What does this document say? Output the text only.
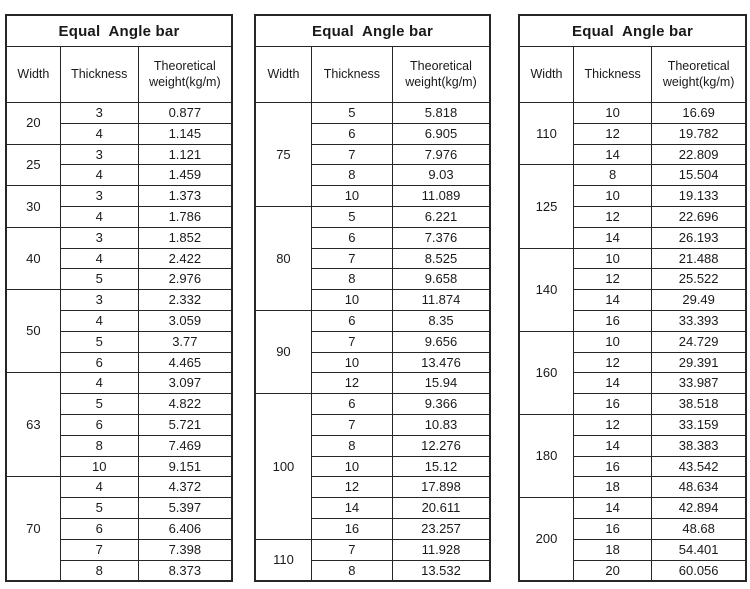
Equal  Angle bar		
Width	Thickness	Theoretical weight(kg/m)
20	3	0.877
	4	1.145
25	3	1.121
	4	1.459
30	3	1.373
	4	1.786
40	3	1.852
	4	2.422
	5	2.976
50	3	2.332
	4	3.059
	5	3.77
	6	4.465
63	4	3.097
	5	4.822
	6	5.721
	8	7.469
	10	9.151
70	4	4.372
	5	5.397
	6	6.406
	7	7.398
	8	8.373
Equal  Angle bar		
Width	Thickness	Theoretical weight(kg/m)
75	5	5.818
	6	6.905
	7	7.976
	8	9.03
	10	11.089
80	5	6.221
	6	7.376
	7	8.525
	8	9.658
	10	11.874
90	6	8.35
	7	9.656
	10	13.476
	12	15.94
100	6	9.366
	7	10.83
	8	12.276
	10	15.12
	12	17.898
	14	20.611
	16	23.257
110	7	11.928
	8	13.532
Equal  Angle bar		
Width	Thickness	Theoretical weight(kg/m)
110	10	16.69
	12	19.782
	14	22.809
125	8	15.504
	10	19.133
	12	22.696
	14	26.193
140	10	21.488
	12	25.522
	14	29.49
	16	33.393
160	10	24.729
	12	29.391
	14	33.987
	16	38.518
180	12	33.159
	14	38.383
	16	43.542
	18	48.634
200	14	42.894
	16	48.68
	18	54.401
	20	60.056
